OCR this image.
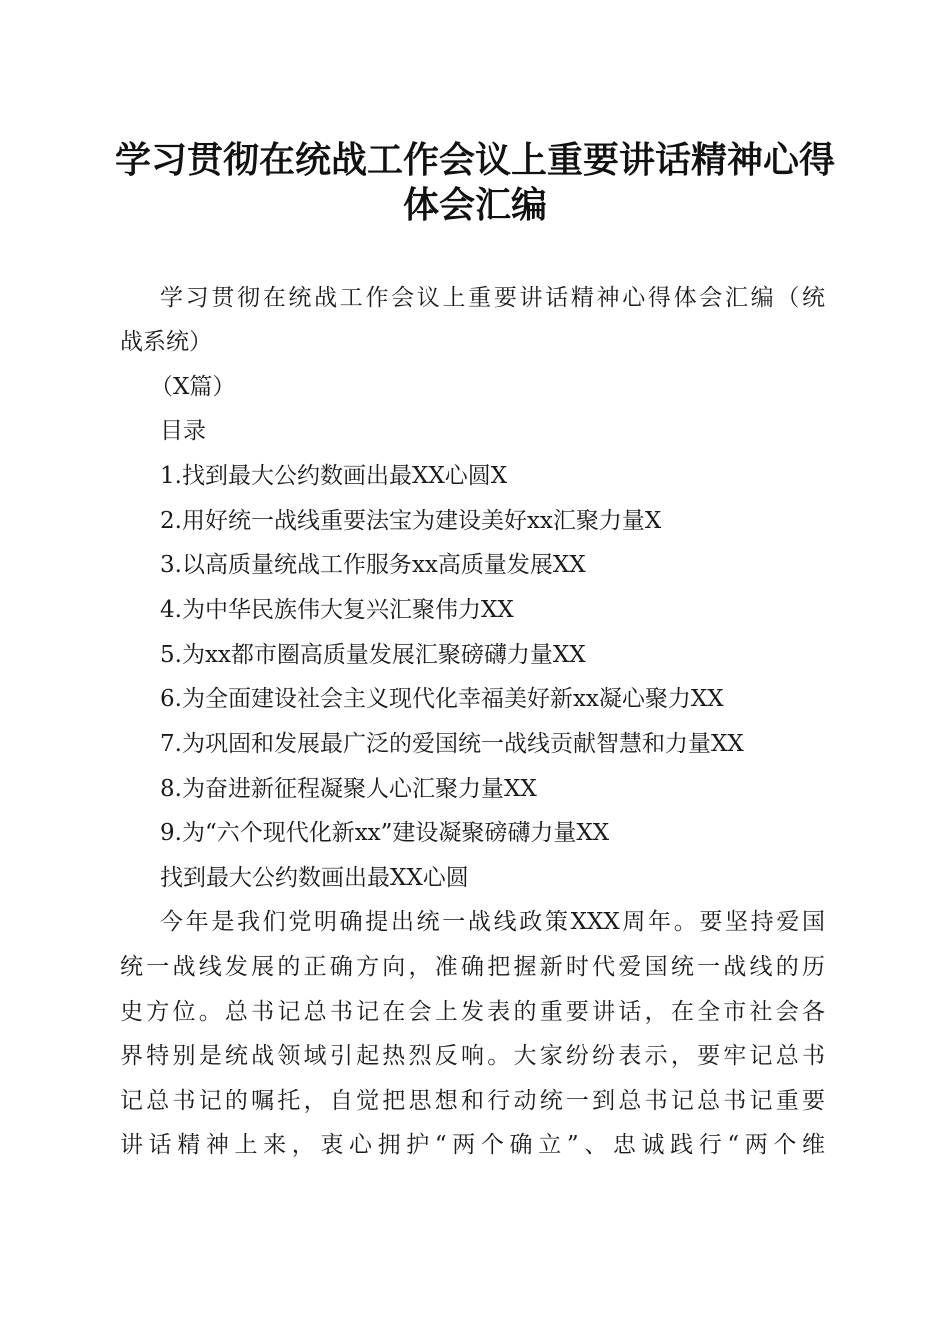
学习贯彻在统战工作会议上重要讲话精神心得
体会汇编
学习贯彻在统战工作会议上重要讲话精神心得体会汇编（统
战系统）
（X篇）
目录
1.找到最大公约数画出最XX心圆X
2.用好统一战线重要法宝为建设美好xx汇聚力量X
3.以高质量统战工作服务xx高质量发展XX
4.为中华民族伟大复兴汇聚伟力XX
5.为xx都市圈高质量发展汇聚磅礴力量XX
6.为全面建设社会主义现代化幸福美好新xx凝心聚力XX
7.为巩固和发展最广泛的爱国统一战线贡献智慧和力量XX
8.为奋进新征程凝聚人心汇聚力量XX
9.为“六个现代化新xx”建设凝聚磅礴力量XX
找到最大公约数画出最XX心圆
今年是我们党明确提出统一战线政策XXX周年。要坚持爱国
统一战线发展的正确方向，准确把握新时代爱国统一战线的历
史方位。总书记总书记在会上发表的重要讲话，在全市社会各
界特别是统战领域引起热烈反响。大家纷纷表示，要牢记总书
记总书记的嘱托，自觉把思想和行动统一到总书记总书记重要
讲话精神上来，衷心拥护“两个确立”、忠诚践行“两个维
